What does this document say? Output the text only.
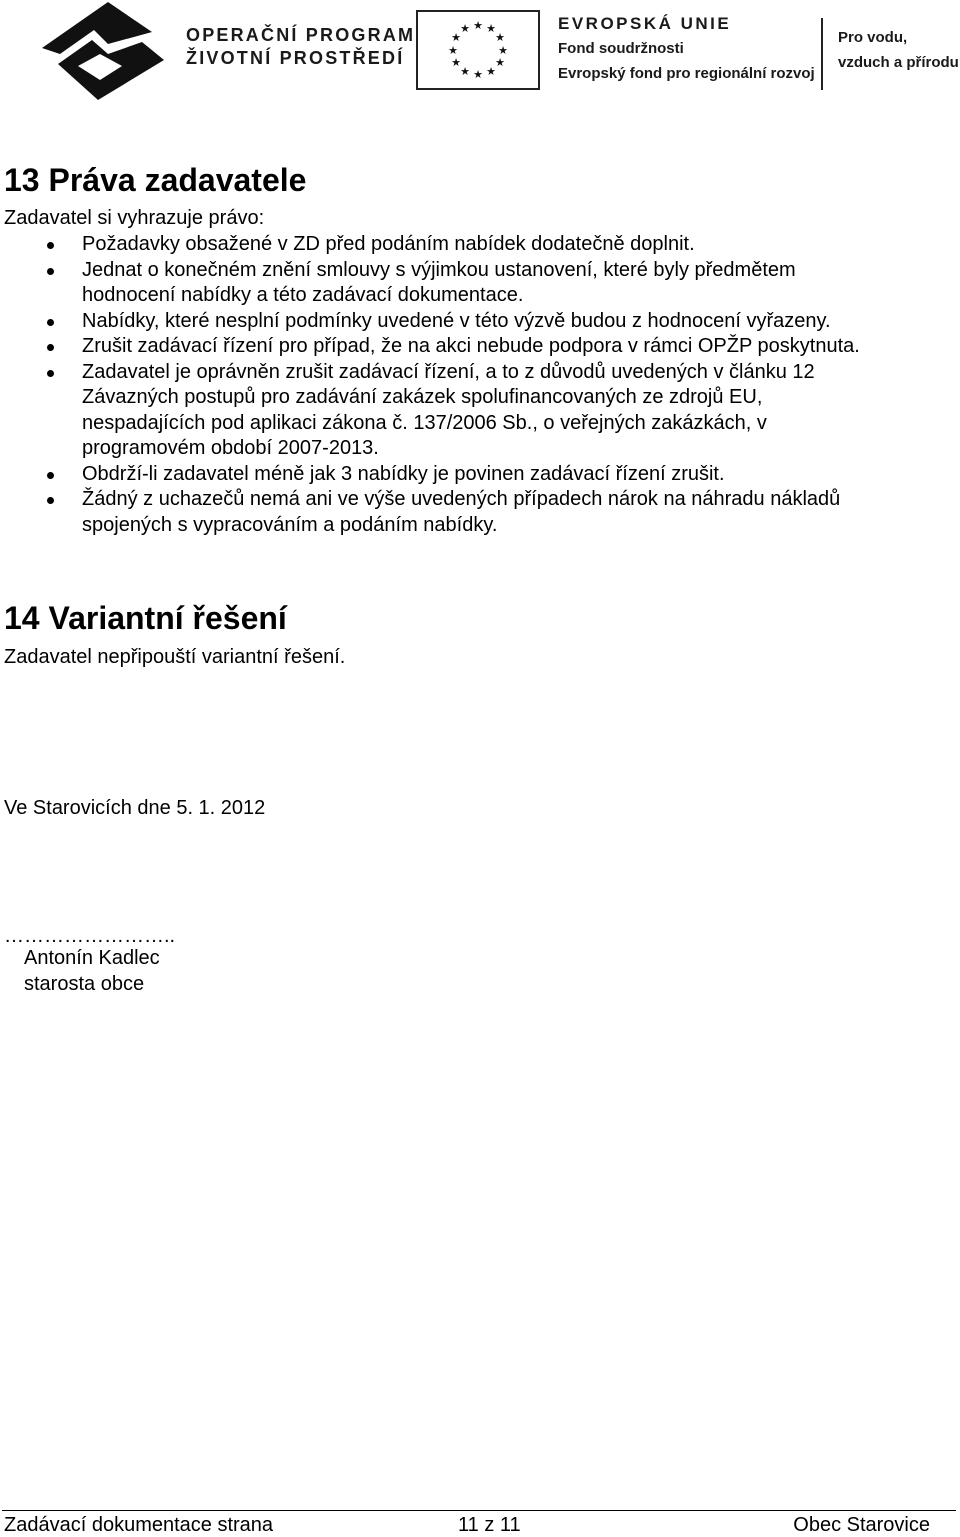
OPERAČNÍ PROGRAM
ŽIVOTNÍ PROSTŘEDÍ
★ ★
★
★
★
★
★
★
★
★
★
★	EVROPSKÁ UNIE
Fond soudržnosti
Evropský fond pro regionální rozvoj
Pro vodu,
vzduch a přírodu
13 Práva zadavatele

Zadavatel si vyhrazuje právo:

Požadavky obsažené v ZD před podáním nabídek dodatečně doplnit.
Jednat o konečném znění smlouvy s výjimkou ustanovení, které byly předmětem hodnocení nabídky a této zadávací dokumentace.
Nabídky, které nesplní podmínky uvedené v této výzvě budou z hodnocení vyřazeny.
Zrušit zadávací řízení pro případ, že na akci nebude podpora v rámci OPŽP poskytnuta.
Zadavatel je oprávněn zrušit zadávací řízení, a to z důvodů uvedených v článku 12 Závazných postupů pro zadávání zakázek spolufinancovaných ze zdrojů EU, nespadajících pod aplikaci zákona č. 137/2006 Sb., o veřejných zakázkách, v programovém období 2007-2013.
Obdrží-li zadavatel méně jak 3 nabídky je povinen zadávací řízení zrušit.
Žádný z uchazečů nemá ani ve výše uvedených případech nárok na náhradu nákladů spojených s vypracováním a podáním nabídky.
14 Variantní řešení

Zadavatel nepřipouští variantní řešení.

Ve Starovicích dne 5. 1. 2012

……………………..
Antonín Kadlec
starosta obce
Zadávací dokumentace strana	11 z 11	Obec Starovice
